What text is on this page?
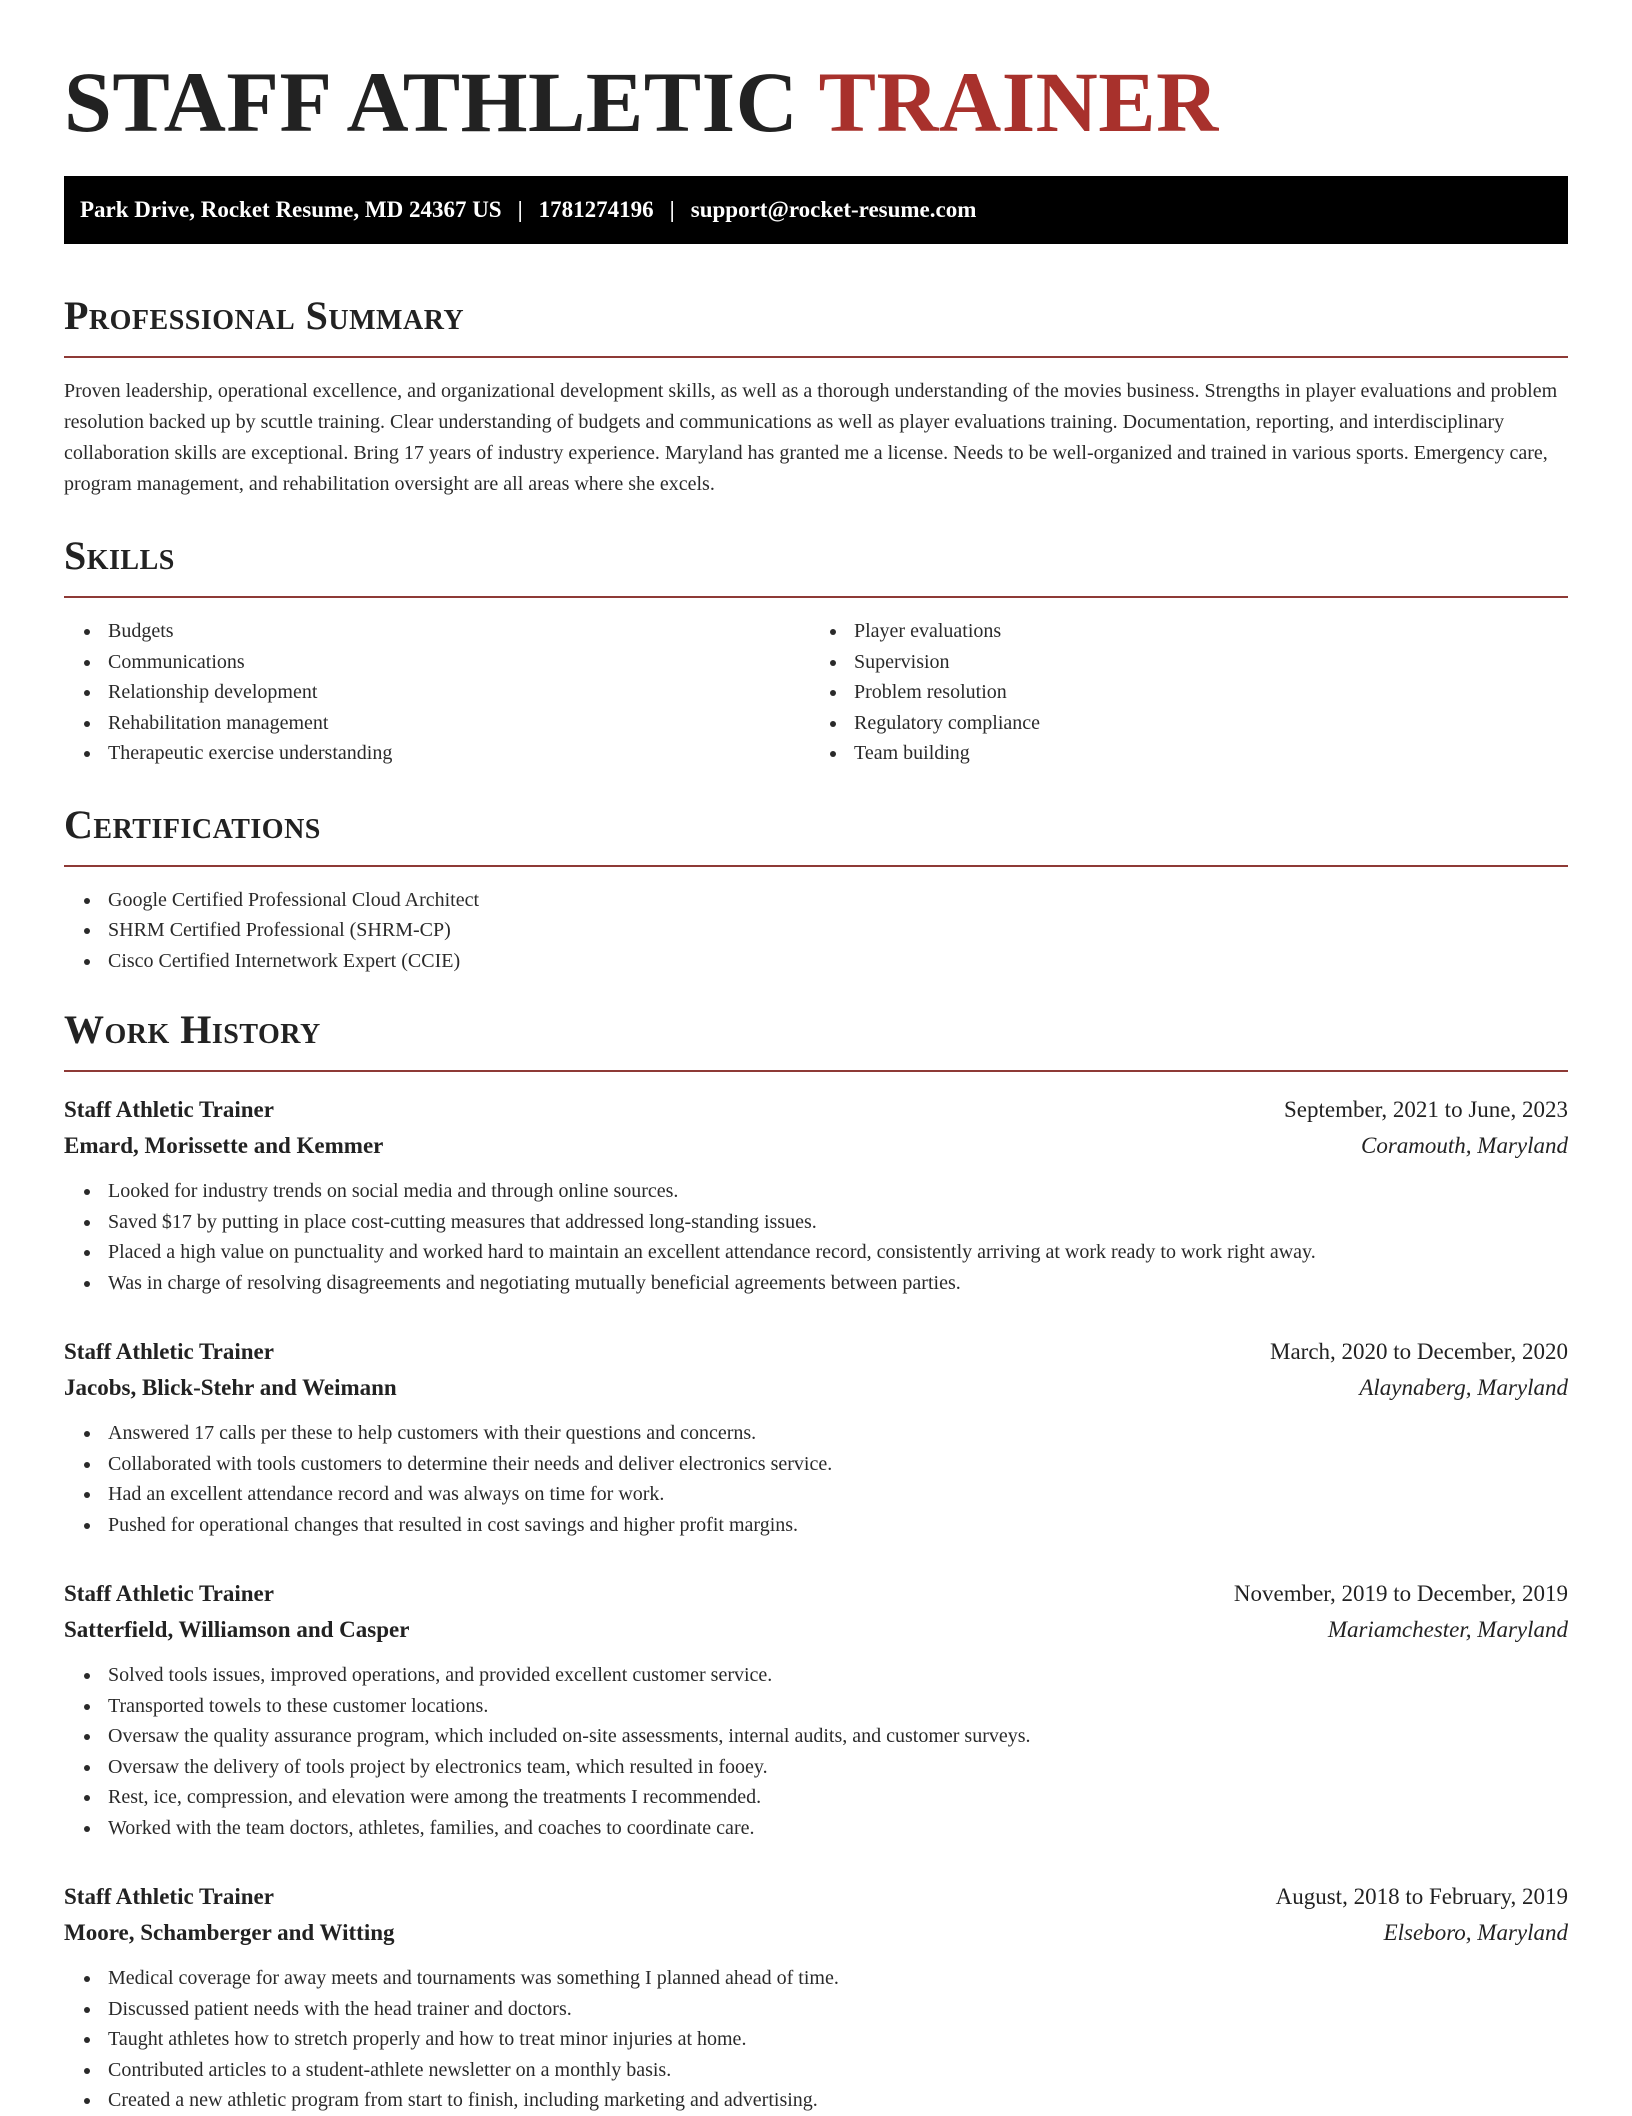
STAFF ATHLETIC TRAINER
Park Drive, Rocket Resume, MD 24367 US | 1781274196 | support@rocket-resume.com
Professional Summary

Proven leadership, operational excellence, and organizational development skills, as well as a thorough understanding of the movies business. Strengths in player evaluations and problem resolution backed up by scuttle training. Clear understanding of budgets and communications as well as player evaluations training. Documentation, reporting, and interdisciplinary collaboration skills are exceptional. Bring 17 years of industry experience. Maryland has granted me a license. Needs to be well-organized and trained in various sports. Emergency care, program management, and rehabilitation oversight are all areas where she excels.

Skills
Budgets
Communications
Relationship development
Rehabilitation management
Therapeutic exercise understanding
Player evaluations
Supervision
Problem resolution
Regulatory compliance
Team building
Certifications
Google Certified Professional Cloud Architect
SHRM Certified Professional (SHRM-CP)
Cisco Certified Internetwork Expert (CCIE)
Work History
Staff Athletic Trainer	September, 2021 to June, 2023
Emard, Morissette and Kemmer	Coramouth, Maryland
Looked for industry trends on social media and through online sources.
Saved $17 by putting in place cost-cutting measures that addressed long-standing issues.
Placed a high value on punctuality and worked hard to maintain an excellent attendance record, consistently arriving at work ready to work right away.
Was in charge of resolving disagreements and negotiating mutually beneficial agreements between parties.
Staff Athletic Trainer	March, 2020 to December, 2020
Jacobs, Blick-Stehr and Weimann	Alaynaberg, Maryland
Answered 17 calls per these to help customers with their questions and concerns.
Collaborated with tools customers to determine their needs and deliver electronics service.
Had an excellent attendance record and was always on time for work.
Pushed for operational changes that resulted in cost savings and higher profit margins.
Staff Athletic Trainer	November, 2019 to December, 2019
Satterfield, Williamson and Casper	Mariamchester, Maryland
Solved tools issues, improved operations, and provided excellent customer service.
Transported towels to these customer locations.
Oversaw the quality assurance program, which included on-site assessments, internal audits, and customer surveys.
Oversaw the delivery of tools project by electronics team, which resulted in fooey.
Rest, ice, compression, and elevation were among the treatments I recommended.
Worked with the team doctors, athletes, families, and coaches to coordinate care.
Staff Athletic Trainer	August, 2018 to February, 2019
Moore, Schamberger and Witting	Elseboro, Maryland
Medical coverage for away meets and tournaments was something I planned ahead of time.
Discussed patient needs with the head trainer and doctors.
Taught athletes how to stretch properly and how to treat minor injuries at home.
Contributed articles to a student-athlete newsletter on a monthly basis.
Created a new athletic program from start to finish, including marketing and advertising.
